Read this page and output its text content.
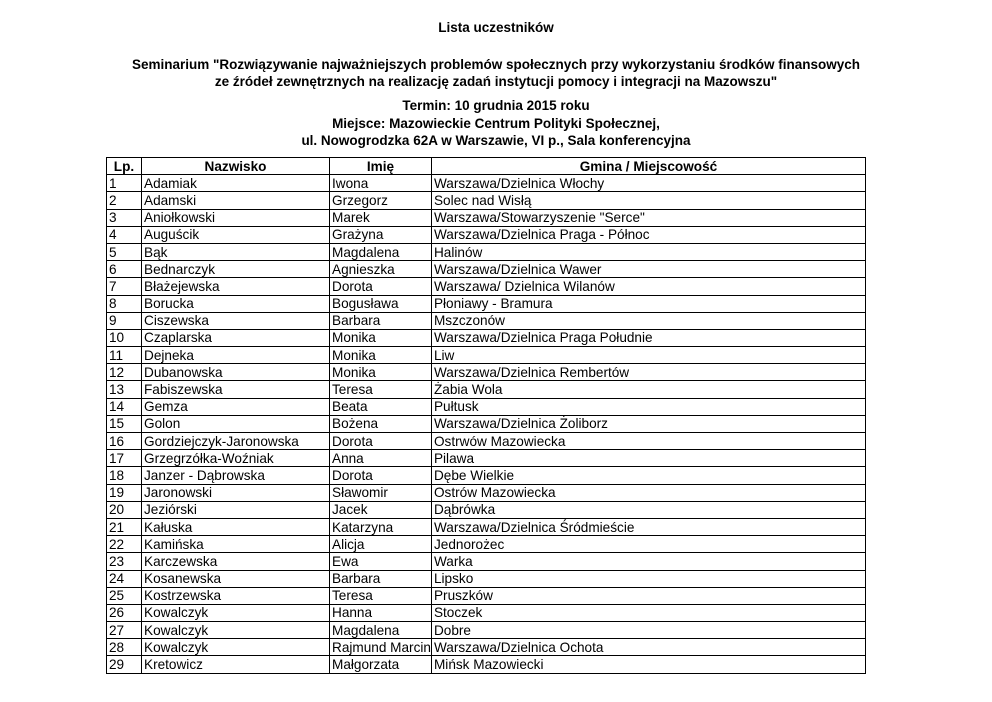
Lista uczestników
Seminarium "Rozwiązywanie najważniejszych problemów społecznych przy wykorzystaniu środków finansowych
ze źródeł zewnętrznych na realizację zadań instytucji pomocy i integracji na Mazowszu"
Termin: 10 grudnia 2015 roku
Miejsce: Mazowieckie Centrum Polityki Społecznej,
ul. Nowogrodzka 62A w Warszawie, VI p., Sala konferencyjna
Lp.	Nazwisko	Imię	Gmina / Miejscowość
1	Adamiak	Iwona	Warszawa/Dzielnica Włochy
2	Adamski	Grzegorz	Solec nad Wisłą
3	Aniołkowski	Marek	Warszawa/Stowarzyszenie "Serce"
4	Auguścik	Grażyna	Warszawa/Dzielnica Praga - Północ
5	Bąk	Magdalena	Halinów
6	Bednarczyk	Agnieszka	Warszawa/Dzielnica Wawer
7	Błażejewska	Dorota	Warszawa/ Dzielnica Wilanów
8	Borucka	Bogusława	Płoniawy - Bramura
9	Ciszewska	Barbara	Mszczonów
10	Czaplarska	Monika	Warszawa/Dzielnica Praga Południe
11	Dejneka	Monika	Liw
12	Dubanowska	Monika	Warszawa/Dzielnica Rembertów
13	Fabiszewska	Teresa	Żabia Wola
14	Gemza	Beata	Pułtusk
15	Golon	Bożena	Warszawa/Dzielnica Żoliborz
16	Gordziejczyk-Jaronowska	Dorota	Ostrwów Mazowiecka
17	Grzegrzółka-Woźniak	Anna	Pilawa
18	Janzer - Dąbrowska	Dorota	Dębe Wielkie
19	Jaronowski	Sławomir	Ostrów Mazowiecka
20	Jeziórski	Jacek	Dąbrówka
21	Kałuska	Katarzyna	Warszawa/Dzielnica Śródmieście
22	Kamińska	Alicja	Jednorożec
23	Karczewska	Ewa	Warka
24	Kosanewska	Barbara	Lipsko
25	Kostrzewska	Teresa	Pruszków
26	Kowalczyk	Hanna	Stoczek
27	Kowalczyk	Magdalena	Dobre
28	Kowalczyk	Rajmund Marcin	Warszawa/Dzielnica Ochota
29	Kretowicz	Małgorzata	Mińsk Mazowiecki
